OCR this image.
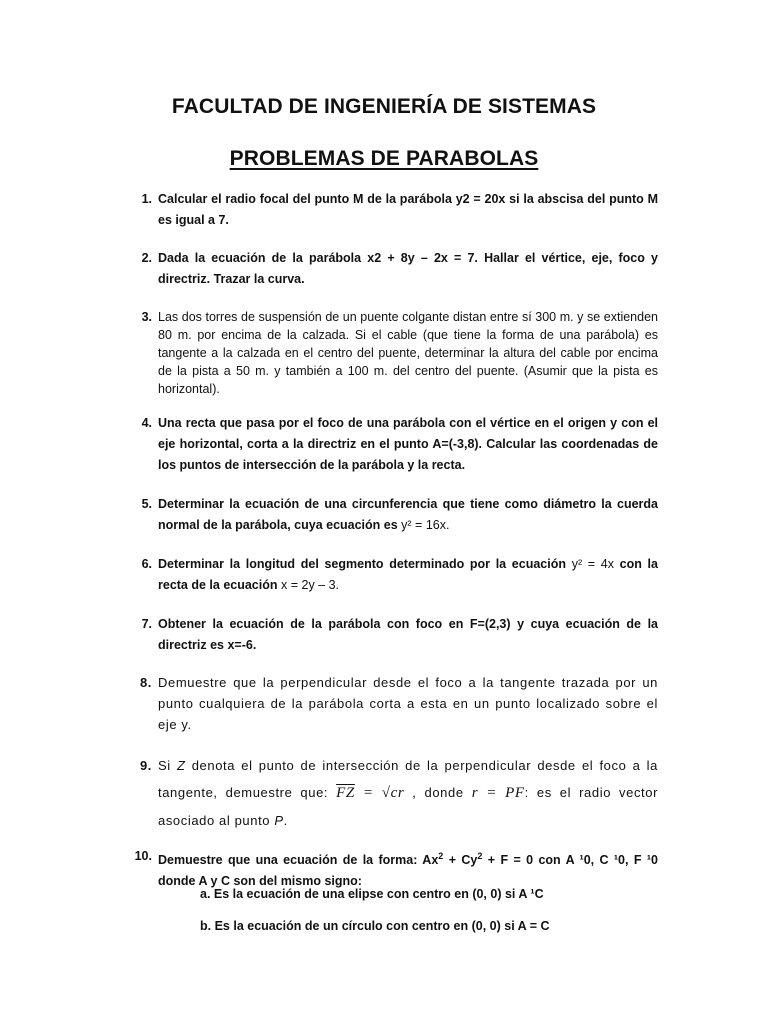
FACULTAD DE INGENIERÍA DE SISTEMAS
PROBLEMAS DE PARABOLAS
1. Calcular el radio focal del punto M de la parábola y2 = 20x si la abscisa del punto M es igual a 7.
2. Dada la ecuación de la parábola x2 + 8y – 2x = 7. Hallar el vértice, eje, foco y directriz. Trazar la curva.
3. Las dos torres de suspensión de un puente colgante distan entre sí 300 m. y se extienden 80 m. por encima de la calzada. Si el cable (que tiene la forma de una parábola) es tangente a la calzada en el centro del puente, determinar la altura del cable por encima de la pista a 50 m. y también a 100 m. del centro del puente. (Asumir que la pista es horizontal).
4. Una recta que pasa por el foco de una parábola con el vértice en el origen y con el eje horizontal, corta a la directriz en el punto A=(-3,8). Calcular las coordenadas de los puntos de intersección de la parábola y la recta.
5. Determinar la ecuación de una circunferencia que tiene como diámetro la cuerda normal de la parábola, cuya ecuación es y² = 16x.
6. Determinar la longitud del segmento determinado por la ecuación y² = 4x con la recta de la ecuación x = 2y – 3.
7. Obtener la ecuación de la parábola con foco en F=(2,3) y cuya ecuación de la directriz es x=-6.
8. Demuestre que la perpendicular desde el foco a la tangente trazada por un punto cualquiera de la parábola corta a esta en un punto localizado sobre el eje y.
9. Si Z denota el punto de intersección de la perpendicular desde el foco a la tangente, demuestre que: $\overline{FZ} = √cr$ , donde r = PF: es el radio vector asociado al punto P.
10. Demuestre que una ecuación de la forma: $Ax^2 + Cy^2 + F = 0$ con A ¹0, C ¹0, F ¹0 donde A y C son del mismo signo:
a. Es la ecuación de una elipse con centro en (0, 0) si A ¹C
b. Es la ecuación de un círculo con centro en (0, 0) si A = C
